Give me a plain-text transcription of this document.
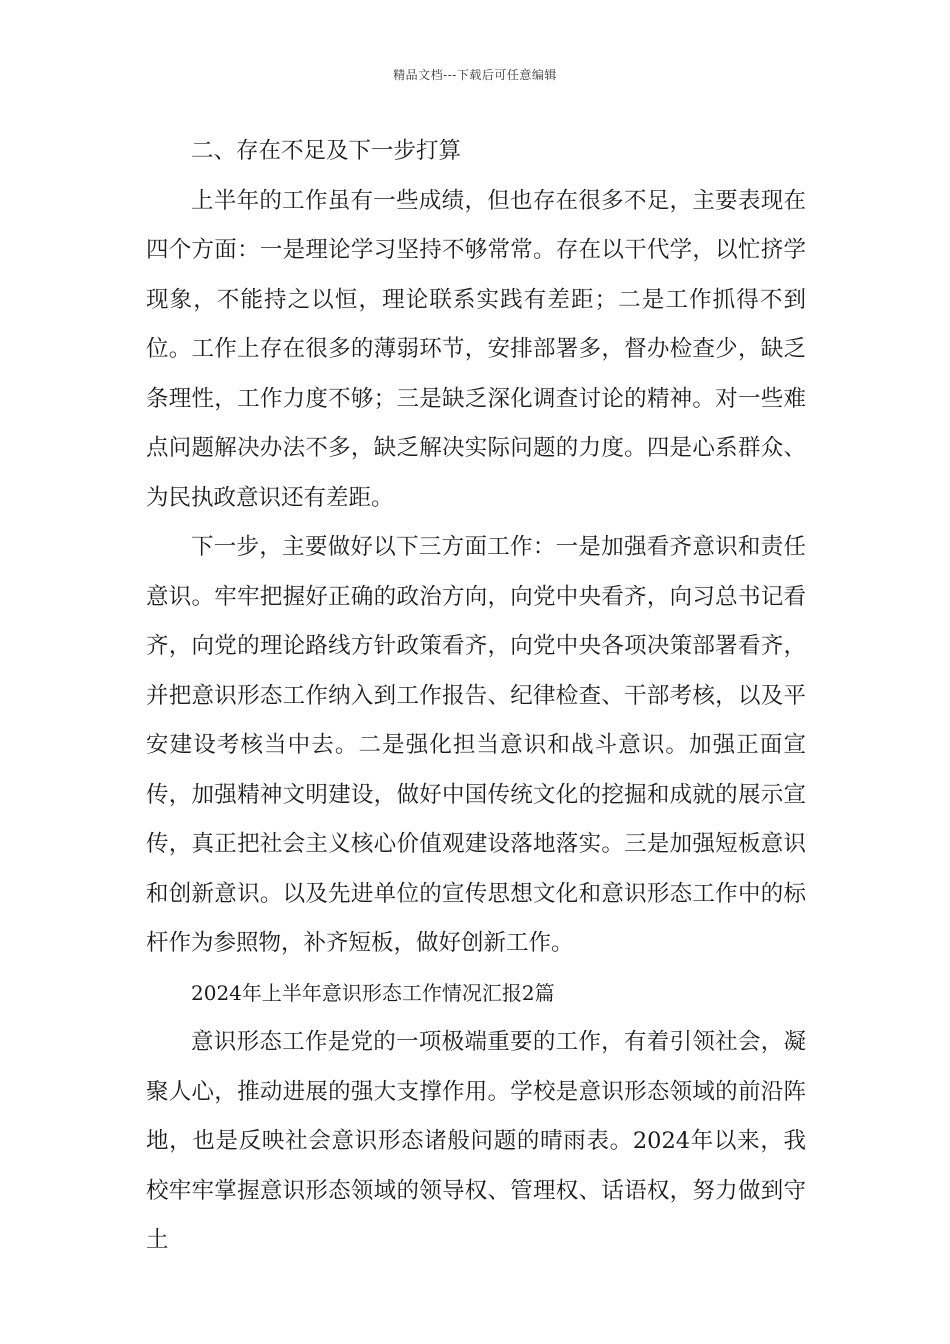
精品文档---下载后可任意编辑

二、存在不足及下一步打算

上半年的工作虽有一些成绩，但也存在很多不足，主要表现在四个方面：一是理论学习坚持不够常常。存在以干代学，以忙挤学现象，不能持之以恒，理论联系实践有差距；二是工作抓得不到位。工作上存在很多的薄弱环节，安排部署多，督办检查少，缺乏条理性，工作力度不够；三是缺乏深化调查讨论的精神。对一些难点问题解决办法不多，缺乏解决实际问题的力度。四是心系群众、为民执政意识还有差距。

下一步，主要做好以下三方面工作：一是加强看齐意识和责任意识。牢牢把握好正确的政治方向，向党中央看齐，向习总书记看齐，向党的理论路线方针政策看齐，向党中央各项决策部署看齐，并把意识形态工作纳入到工作报告、纪律检查、干部考核，以及平安建设考核当中去。二是强化担当意识和战斗意识。加强正面宣传，加强精神文明建设，做好中国传统文化的挖掘和成就的展示宣传，真正把社会主义核心价值观建设落地落实。三是加强短板意识和创新意识。以及先进单位的宣传思想文化和意识形态工作中的标杆作为参照物，补齐短板，做好创新工作。

2024年上半年意识形态工作情况汇报2篇

意识形态工作是党的一项极端重要的工作，有着引领社会，凝聚人心，推动进展的强大支撑作用。学校是意识形态领域的前沿阵地，也是反映社会意识形态诸般问题的晴雨表。2024年以来，我校牢牢掌握意识形态领域的领导权、管理权、话语权，努力做到守土
